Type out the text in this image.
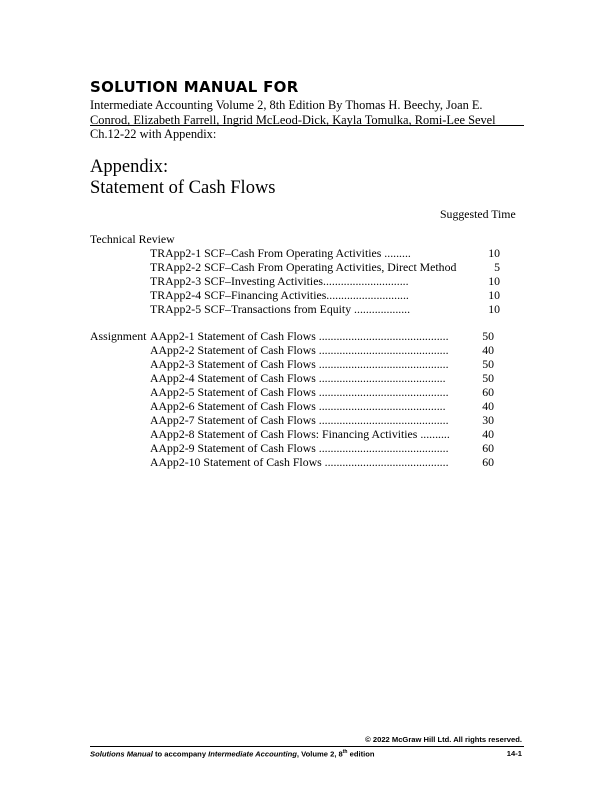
SOLUTION MANUAL FOR
Intermediate Accounting Volume 2, 8th Edition By Thomas H. Beechy, Joan E. Conrod, Elizabeth Farrell, Ingrid McLeod-Dick, Kayla Tomulka, Romi-Lee Sevel
Ch.12-22 with Appendix:
Appendix:
Statement of Cash Flows
Suggested Time
Technical Review
TRApp2-1 SCF–Cash From Operating Activities .........	10
TRApp2-2 SCF–Cash From Operating Activities, Direct Method	5
TRApp2-3 SCF–Investing Activities.............................	10
TRApp2-4 SCF–Financing Activities............................	10
TRApp2-5 SCF–Transactions from Equity ...................	10
Assignment AApp2-1 Statement of Cash Flows ............................................	50
AApp2-2 Statement of Cash Flows ............................................	40
AApp2-3 Statement of Cash Flows ............................................	50
AApp2-4 Statement of Cash Flows ...........................................	50
AApp2-5 Statement of Cash Flows ............................................	60
AApp2-6 Statement of Cash Flows ...........................................	40
AApp2-7 Statement of Cash Flows ............................................	30
AApp2-8 Statement of Cash Flows: Financing Activities ..........	40
AApp2-9 Statement of Cash Flows ............................................	60
AApp2-10 Statement of Cash Flows ..........................................	60
© 2022 McGraw Hill Ltd. All rights reserved.
Solutions Manual to accompany Intermediate Accounting, Volume 2, 8th edition	14-1
